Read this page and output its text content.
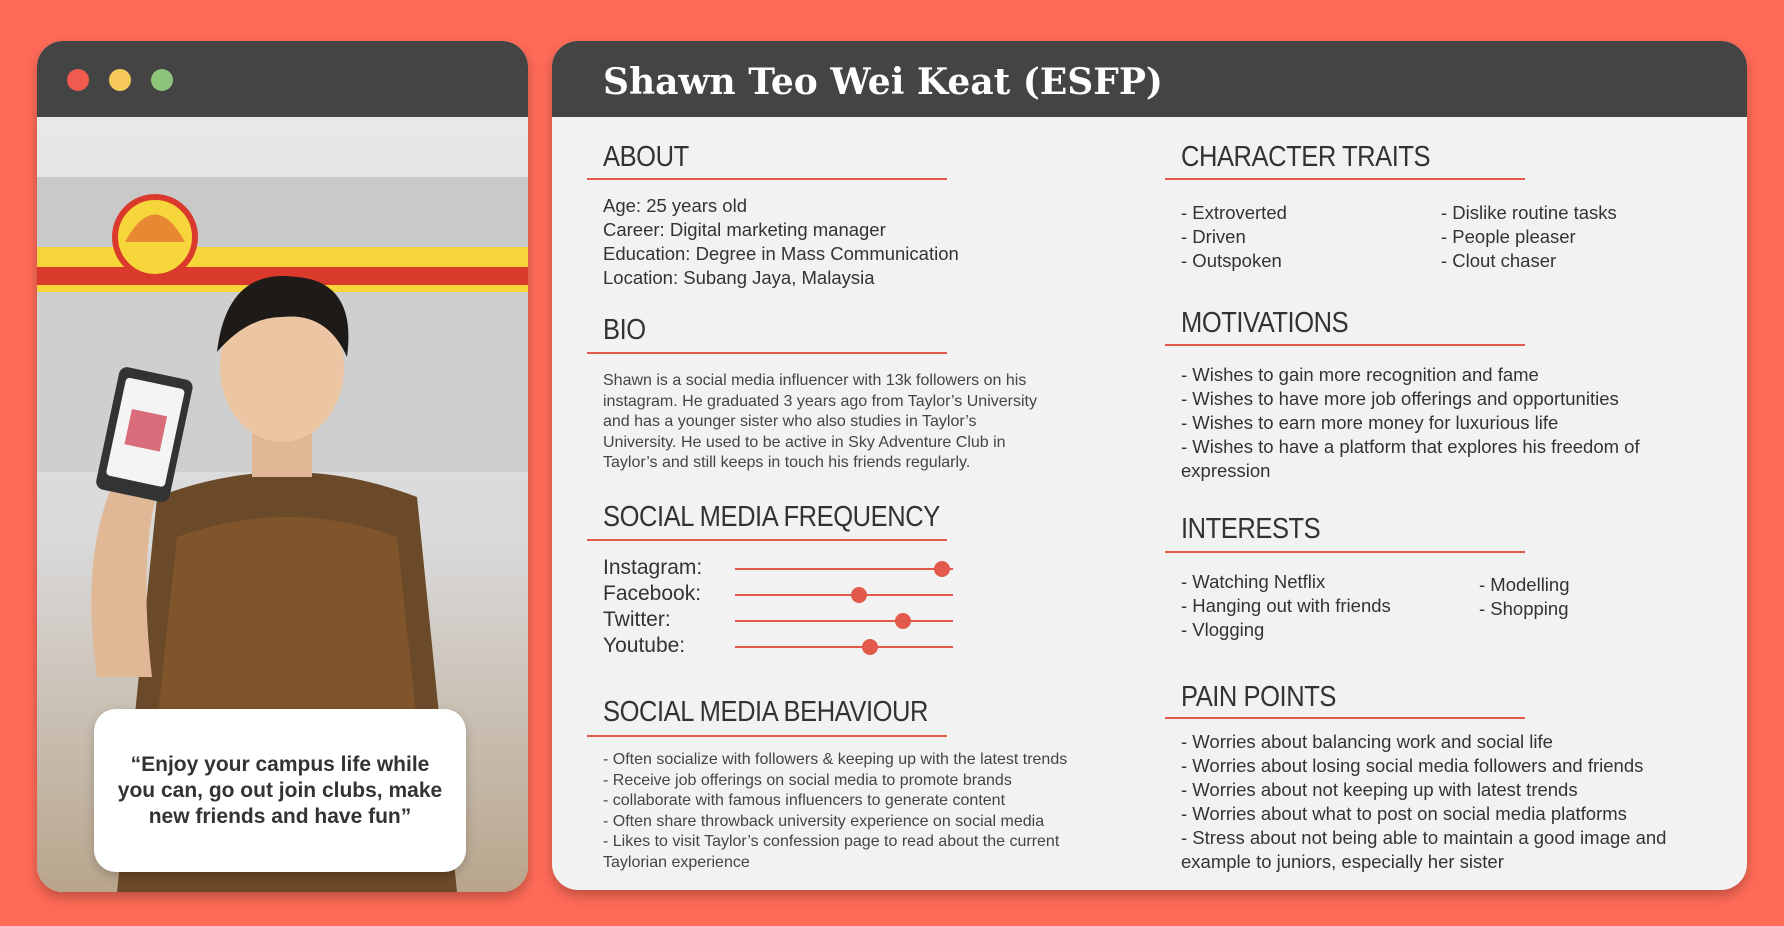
“Enjoy your campus life while you can, go out join clubs, make new friends and have fun”
Shawn Teo Wei Keat (ESFP)
ABOUT
Age: 25 years old
Career: Digital marketing manager
Education: Degree in Mass Communication
Location: Subang Jaya, Malaysia
BIO
Shawn is a social media influencer with 13k followers on his
instagram. He graduated 3 years ago from Taylor’s University
and has a younger sister who also studies in Taylor’s
University. He used to be active in Sky Adventure Club in
Taylor’s and still keeps in touch his friends regularly.
SOCIAL MEDIA FREQUENCY
Instagram:
Facebook:
Twitter:
Youtube:
SOCIAL MEDIA BEHAVIOUR
- Often socialize with followers & keeping up with the latest trends
- Receive job offerings on social media to promote brands
- collaborate with famous influencers to generate content
- Often share throwback university experience on social media
- Likes to visit Taylor’s confession page to read about the current
Taylorian experience
CHARACTER TRAITS
- Extroverted
- Driven
- Outspoken
- Dislike routine tasks
- People pleaser
- Clout chaser
MOTIVATIONS
- Wishes to gain more recognition and fame
- Wishes to have more job offerings and opportunities
- Wishes to earn more money for luxurious life
- Wishes to have a platform that explores his freedom of
expression
INTERESTS
- Watching Netflix
- Hanging out with friends
- Vlogging
- Modelling
- Shopping
PAIN POINTS
- Worries about balancing work and social life
- Worries about losing social media followers and friends
- Worries about not keeping up with latest trends
- Worries about what to post on social media platforms
- Stress about not being able to maintain a good image and
example to juniors, especially her sister
